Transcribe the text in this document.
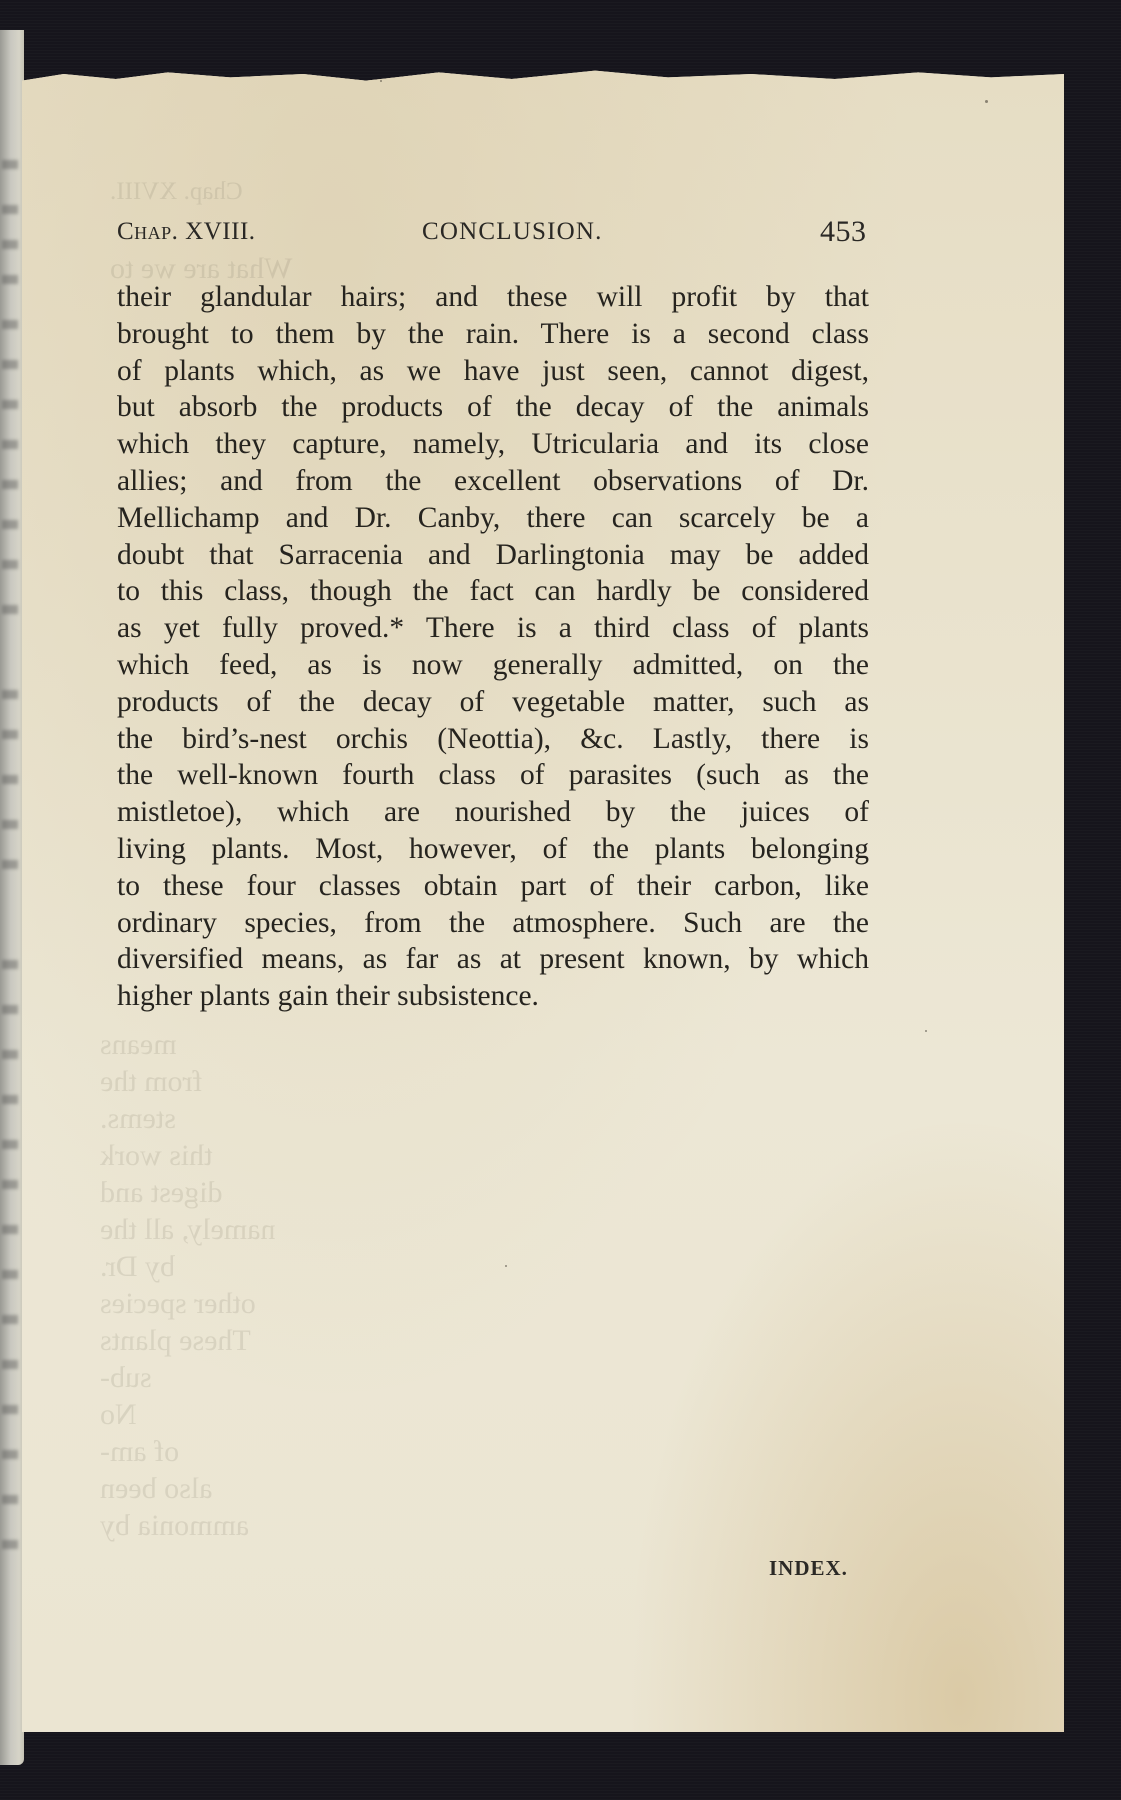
Chap. XVIII.
What are we to
means
from the
stems.
this work
digest and
namely, all the
by Dr.
other species
These plants
sub-
No
of am-
also been
ammonia by
Chap. XVIII.	CONCLUSION.	453
their glandular hairs; and these will profit by that
brought to them by the rain. There is a second class
of plants which, as we have just seen, cannot digest,
but absorb the products of the decay of the animals
which they capture, namely, Utricularia and its close
allies; and from the excellent observations of Dr.
Mellichamp and Dr. Canby, there can scarcely be a
doubt that Sarracenia and Darlingtonia may be added
to this class, though the fact can hardly be considered
as yet fully proved.* There is a third class of plants
which feed, as is now generally admitted, on the
products of the decay of vegetable matter, such as
the bird’s-nest orchis (Neottia), &c. Lastly, there is
the well-known fourth class of parasites (such as the
mistletoe), which are nourished by the juices of
living plants. Most, however, of the plants belonging
to these four classes obtain part of their carbon, like
ordinary species, from the atmosphere. Such are the
diversified means, as far as at present known, by which
higher plants gain their subsistence.
INDEX.
